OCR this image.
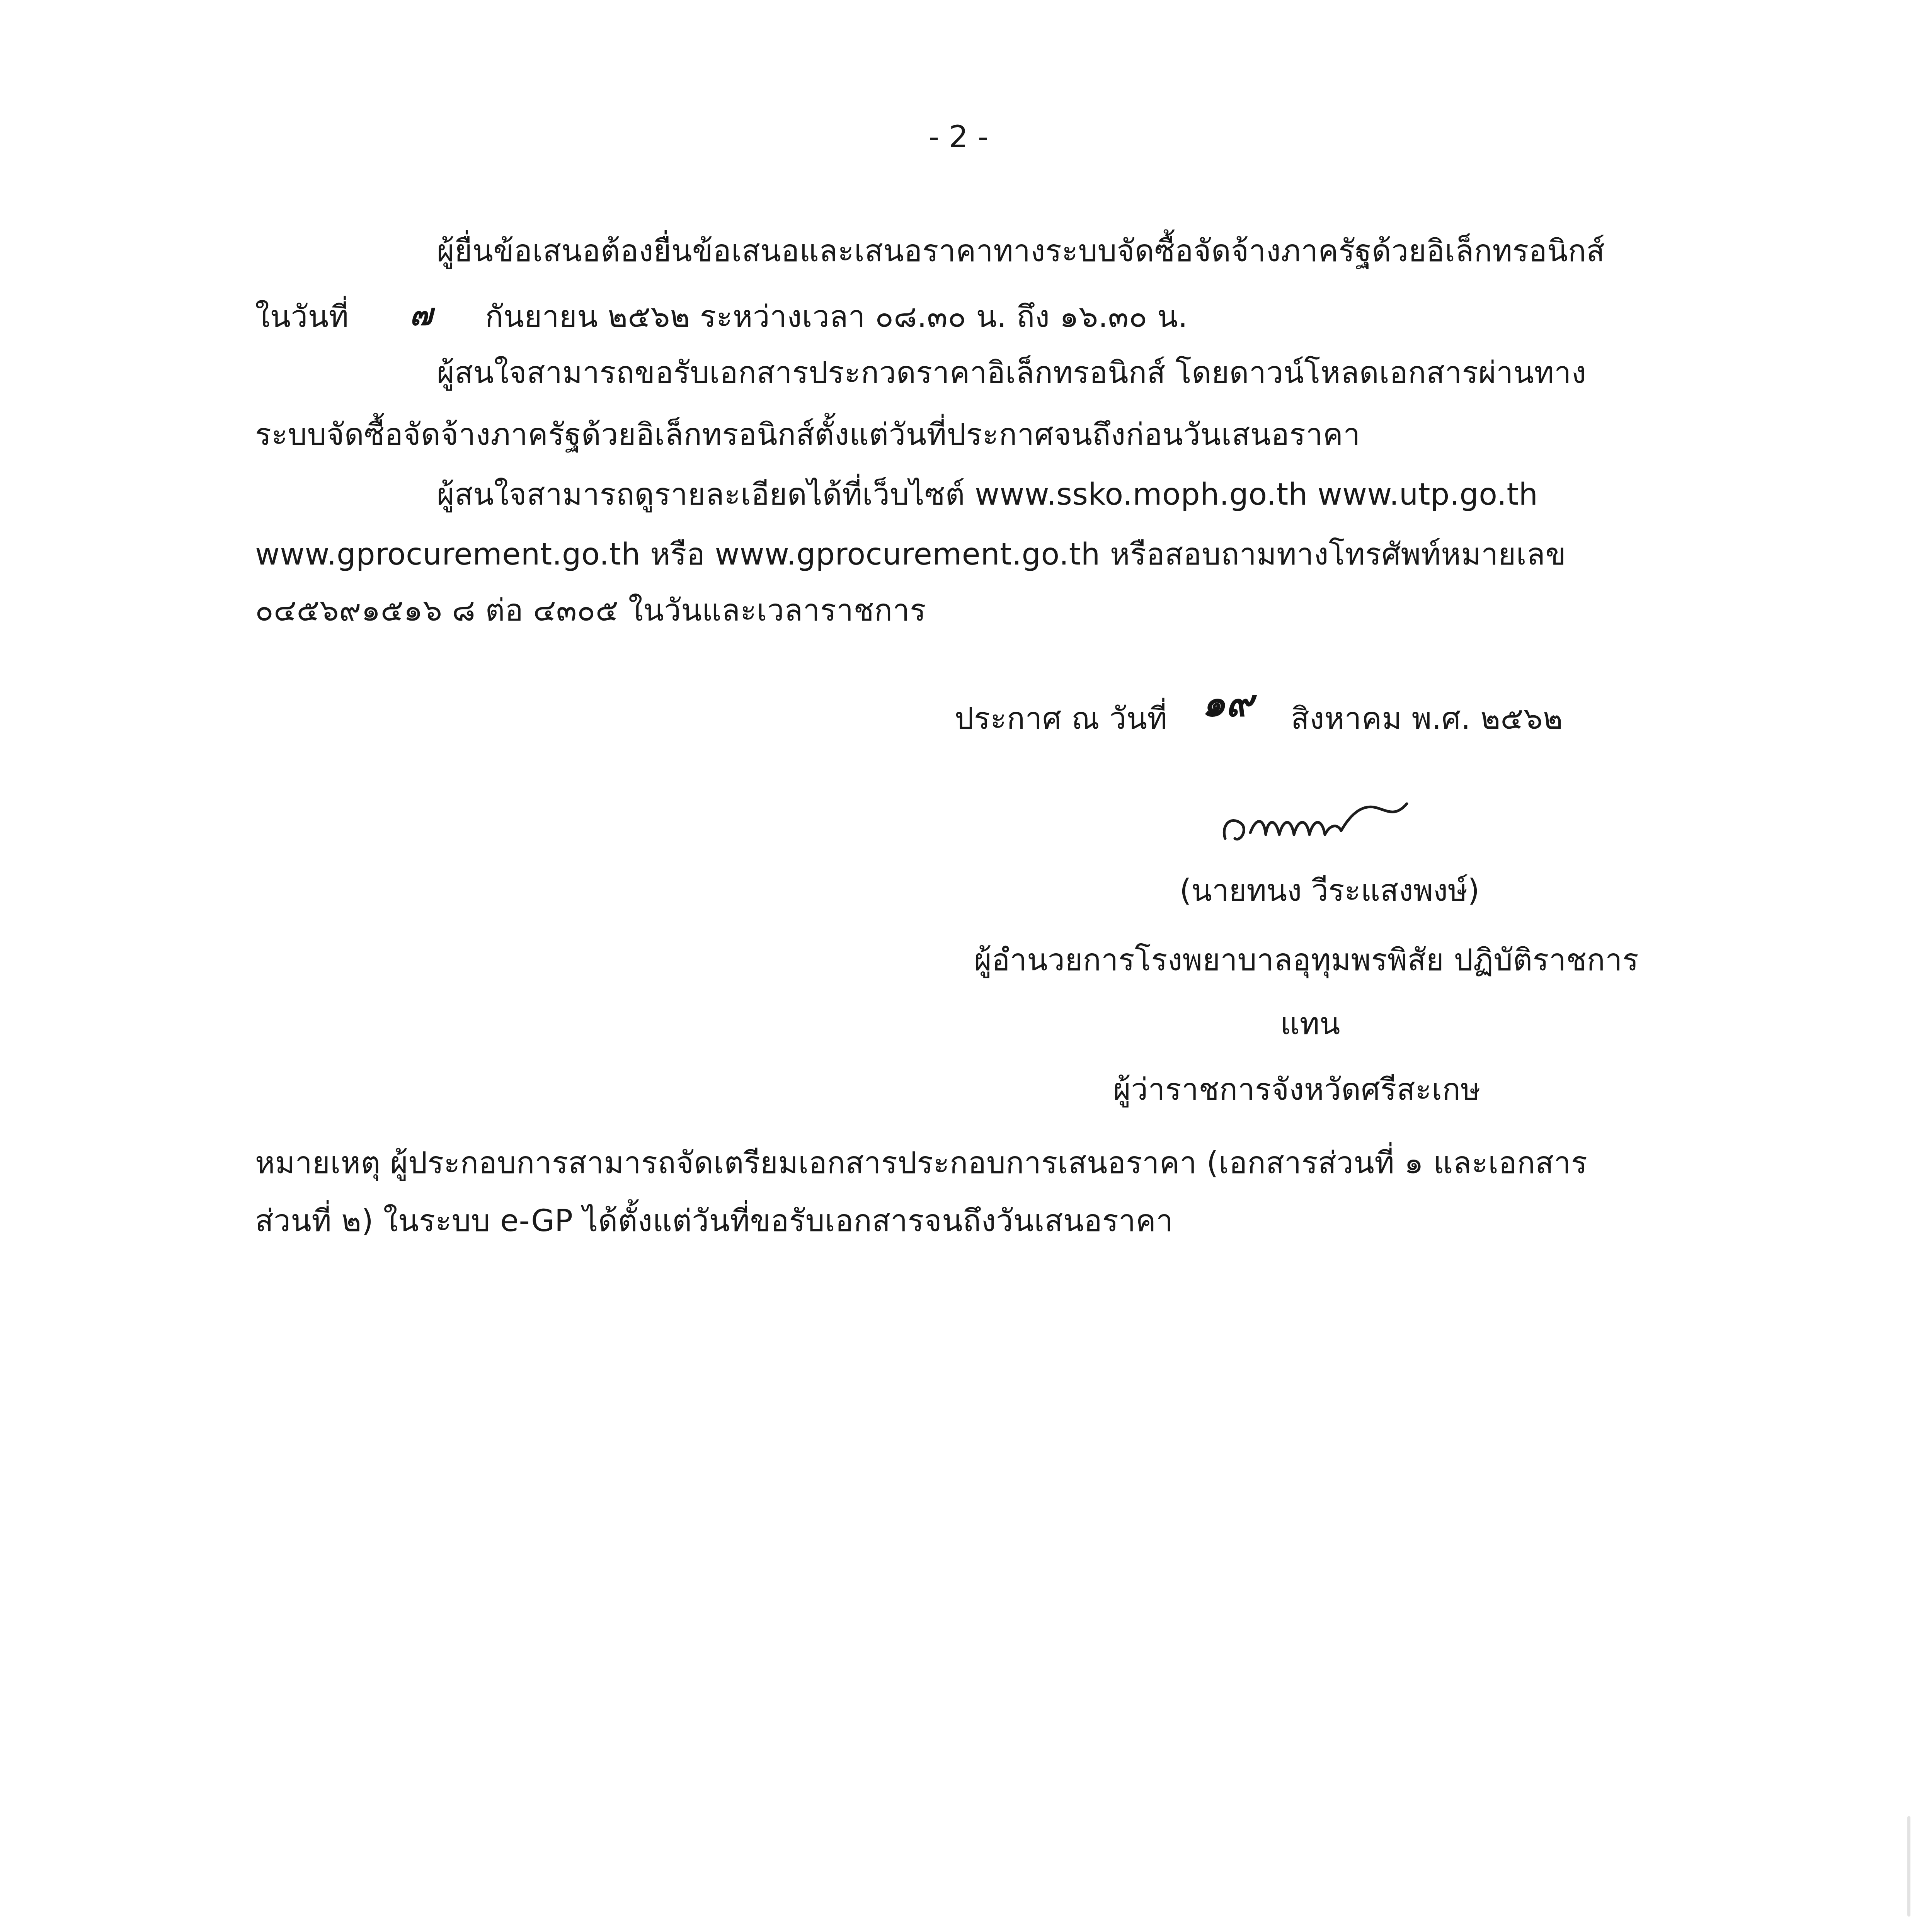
- 2 -
ผู้ยื่นข้อเสนอต้องยื่นข้อเสนอและเสนอราคาทางระบบจัดซื้อจัดจ้างภาครัฐด้วยอิเล็กทรอนิกส์
ในวันที่ ๗ กันยายน ๒๕๖๒ ระหว่างเวลา ๐๘.๓๐ น. ถึง ๑๖.๓๐ น.
ผู้สนใจสามารถขอรับเอกสารประกวดราคาอิเล็กทรอนิกส์ โดยดาวน์โหลดเอกสารผ่านทาง
ระบบจัดซื้อจัดจ้างภาครัฐด้วยอิเล็กทรอนิกส์ตั้งแต่วันที่ประกาศจนถึงก่อนวันเสนอราคา
ผู้สนใจสามารถดูรายละเอียดได้ที่เว็บไซต์ www.ssko.moph.go.th www.utp.go.th
www.gprocurement.go.th หรือ www.gprocurement.go.th หรือสอบถามทางโทรศัพท์หมายเลข
๐๔๕๖๙๑๕๑๖ ๘ ต่อ ๔๓๐๕ ในวันและเวลาราชการ
ประกาศ ณ วันที่ ๑๙ สิงหาคม พ.ศ. ๒๕๖๒
(นายทนง วีระแสงพงษ์)
ผู้อำนวยการโรงพยาบาลอุทุมพรพิสัย ปฏิบัติราชการ
แทน
ผู้ว่าราชการจังหวัดศรีสะเกษ
หมายเหตุ ผู้ประกอบการสามารถจัดเตรียมเอกสารประกอบการเสนอราคา (เอกสารส่วนที่ ๑ และเอกสาร
ส่วนที่ ๒) ในระบบ e-GP ได้ตั้งแต่วันที่ขอรับเอกสารจนถึงวันเสนอราคา
